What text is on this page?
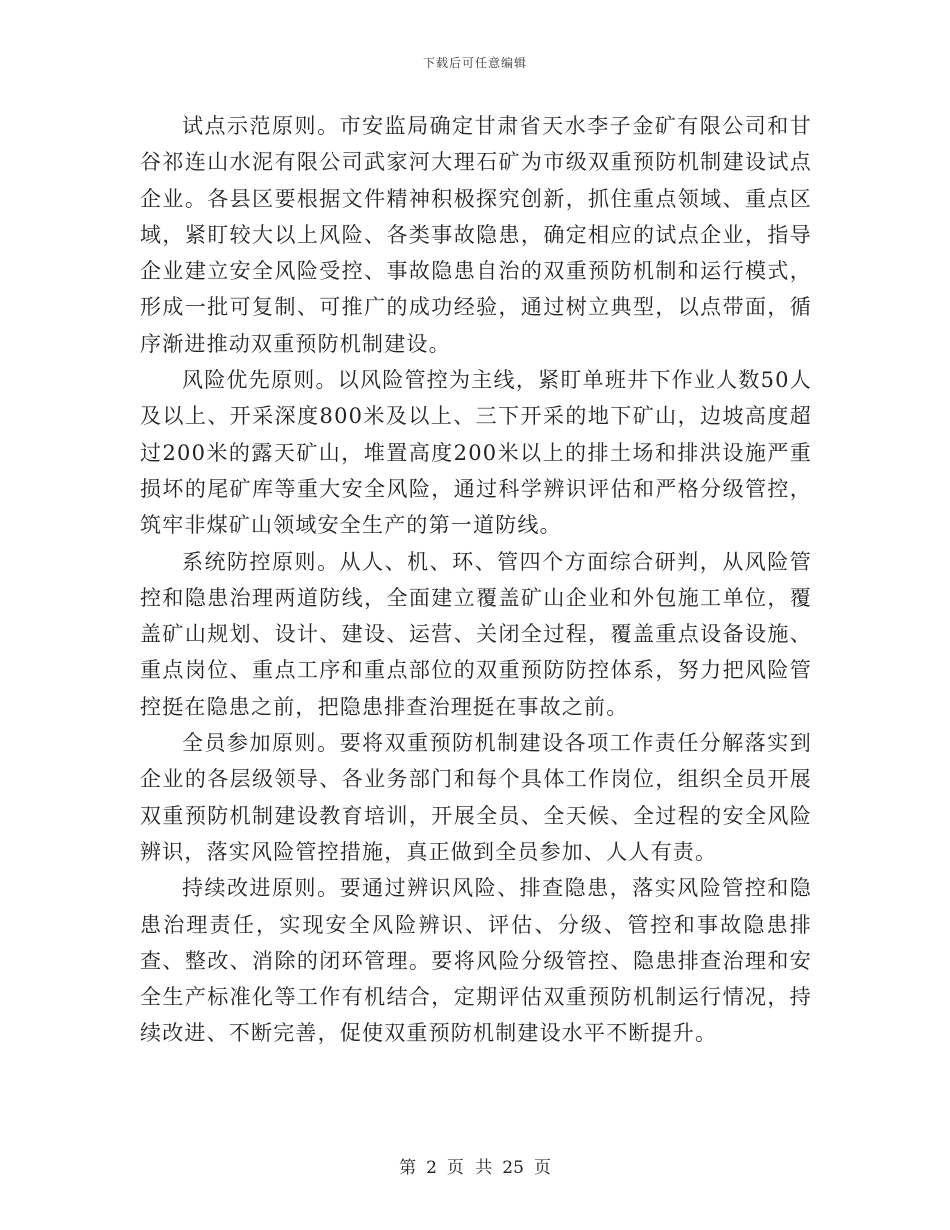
下载后可任意编辑

试点示范原则。市安监局确定甘肃省天水李子金矿有限公司和甘谷祁连山水泥有限公司武家河大理石矿为市级双重预防机制建设试点企业。各县区要根据文件精神积极探究创新，抓住重点领域、重点区域，紧盯较大以上风险、各类事故隐患，确定相应的试点企业，指导企业建立安全风险受控、事故隐患自治的双重预防机制和运行模式，形成一批可复制、可推广的成功经验，通过树立典型，以点带面，循序渐进推动双重预防机制建设。

风险优先原则。以风险管控为主线，紧盯单班井下作业人数50人及以上、开采深度800米及以上、三下开采的地下矿山，边坡高度超过200米的露天矿山，堆置高度200米以上的排土场和排洪设施严重损坏的尾矿库等重大安全风险，通过科学辨识评估和严格分级管控，筑牢非煤矿山领域安全生产的第一道防线。

系统防控原则。从人、机、环、管四个方面综合研判，从风险管控和隐患治理两道防线，全面建立覆盖矿山企业和外包施工单位，覆盖矿山规划、设计、建设、运营、关闭全过程，覆盖重点设备设施、重点岗位、重点工序和重点部位的双重预防防控体系，努力把风险管控挺在隐患之前，把隐患排查治理挺在事故之前。

全员参加原则。要将双重预防机制建设各项工作责任分解落实到企业的各层级领导、各业务部门和每个具体工作岗位，组织全员开展双重预防机制建设教育培训，开展全员、全天候、全过程的安全风险辨识，落实风险管控措施，真正做到全员参加、人人有责。

持续改进原则。要通过辨识风险、排查隐患，落实风险管控和隐患治理责任，实现安全风险辨识、评估、分级、管控和事故隐患排查、整改、消除的闭环管理。要将风险分级管控、隐患排查治理和安全生产标准化等工作有机结合，定期评估双重预防机制运行情况，持续改进、不断完善，促使双重预防机制建设水平不断提升。

第 2 页 共 25 页
